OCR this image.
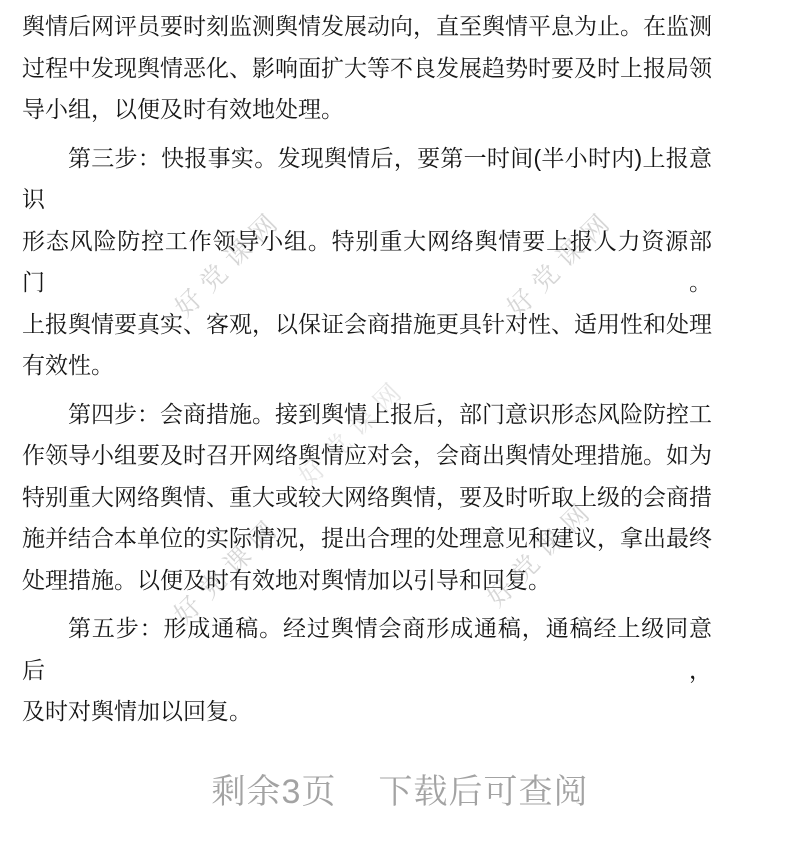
好党课网	好党课网
好党课网
好党课网	好党课网
舆情后网评员要时刻监测舆情发展动向，直至舆情平息为止。在监测
过程中发现舆情恶化、影响面扩大等不良发展趋势时要及时上报局领
导小组，以便及时有效地处理。
第三步：快报事实。发现舆情后，要第一时间(半小时内)上报意识
形态风险防控工作领导小组。特别重大网络舆情要上报人力资源部门。
上报舆情要真实、客观，以保证会商措施更具针对性、适用性和处理
有效性。
第四步：会商措施。接到舆情上报后，部门意识形态风险防控工
作领导小组要及时召开网络舆情应对会，会商出舆情处理措施。如为
特别重大网络舆情、重大或较大网络舆情，要及时听取上级的会商措
施并结合本单位的实际情况，提出合理的处理意见和建议，拿出最终
处理措施。以便及时有效地对舆情加以引导和回复。
第五步：形成通稿。经过舆情会商形成通稿，通稿经上级同意后，
及时对舆情加以回复。
剩余3页 下载后可查阅
